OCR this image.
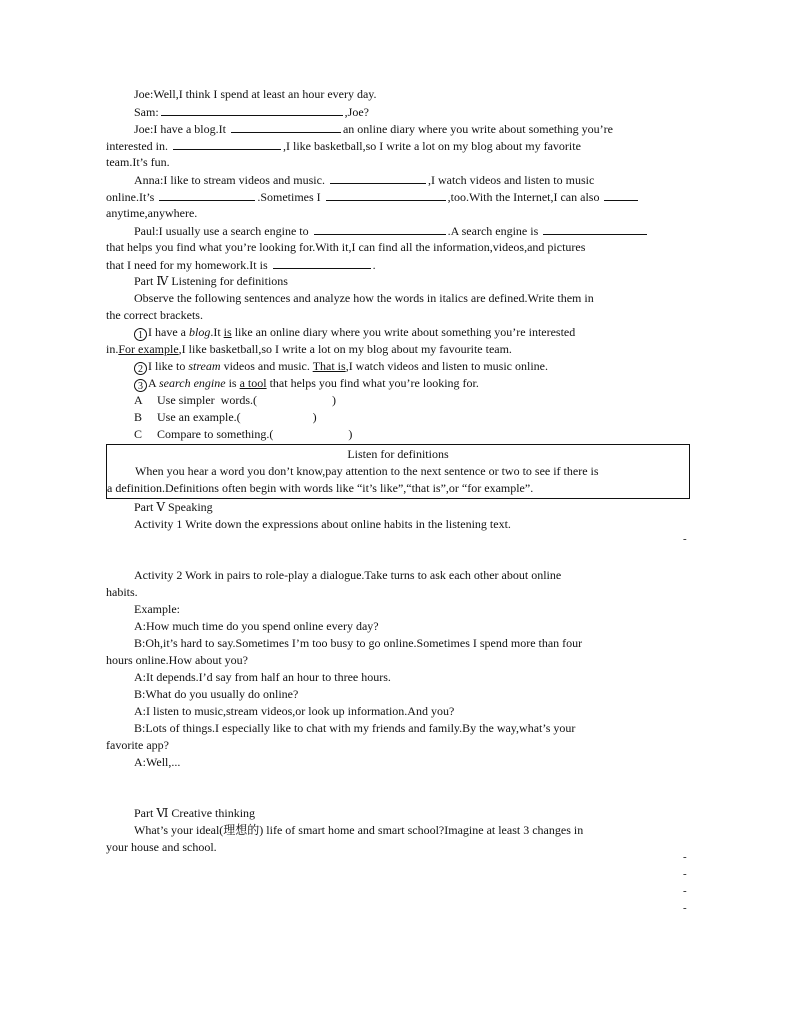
Joe:Well,I think I spend at least an hour every day.
Sam:	,Joe?
Joe:I have a blog.It	an online diary where you write about something you’re
interested in.	,I like basketball,so I write a lot on my blog about my favorite
team.It’s fun.
Anna:I like to stream videos and music.	,I watch videos and listen to music
online.It’s	.Sometimes I	,too.With the Internet,I can also
anytime,anywhere.
Paul:I usually use a search engine to	.A search engine is
that helps you find what you’re looking for.With it,I can find all the information,videos,and pictures
that I need for my homework.It is	.
Part Ⅳ Listening for definitions
Observe the following sentences and analyze how the words in italics are defined.Write them in
the correct brackets.
1 I have a blog.It is like an online diary where you write about something you’re interested
in.For example,I like basketball,so I write a lot on my blog about my favourite team.
2 I like to stream videos and music. That is,I watch videos and listen to music online.
3 A search engine is a tool that helps you find what you’re looking for.
A     Use simpler  words.(                         )
B     Use an example.(                        )
C     Compare to something.(                         )
Listen for definitions
When you hear a word you don’t know,pay attention to the next sentence or two to see if there is
a definition.Definitions often begin with words like “it’s like”,“that is”,or “for example”.
Part Ⅴ Speaking
Activity 1 Write down the expressions about online habits in the listening text.
Activity 2 Work in pairs to role-play a dialogue.Take turns to ask each other about online
habits.
Example:
A:How much time do you spend online every day?
B:Oh,it’s hard to say.Sometimes I’m too busy to go online.Sometimes I spend more than four
hours online.How about you?
A:It depends.I’d say from half an hour to three hours.
B:What do you usually do online?
A:I listen to music,stream videos,or look up information.And you?
B:Lots of things.I especially like to chat with my friends and family.By the way,what’s your
favorite app?
A:Well,...
Part Ⅵ Creative thinking
What’s your ideal(理想的) life of smart home and smart school?Imagine at least 3 changes in
your house and school.
-
-
-
-
-
